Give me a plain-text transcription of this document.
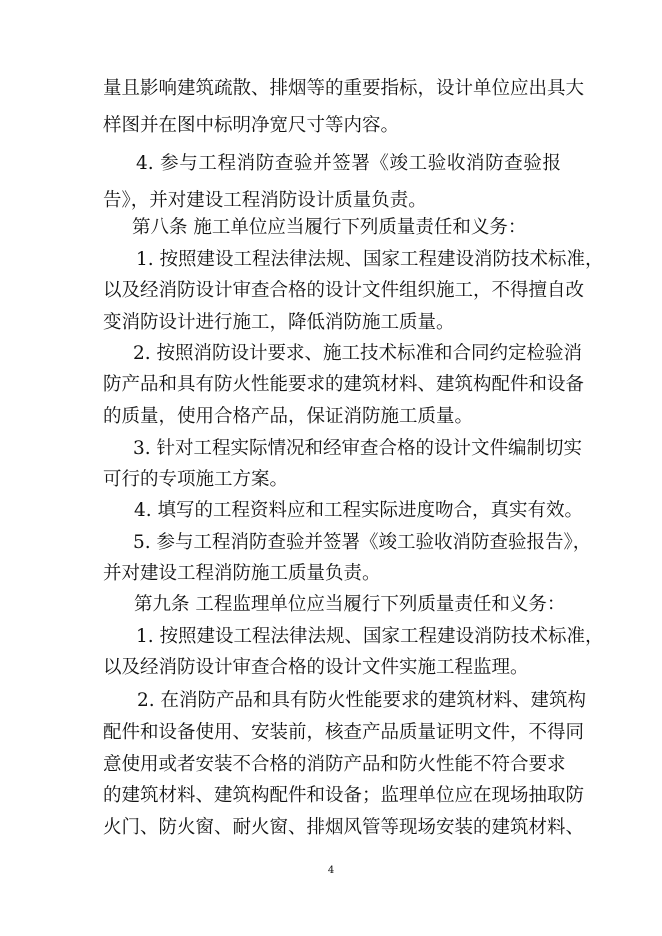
量且影响建筑疏散、排烟等的重要指标，设计单位应出具大
样图并在图中标明净宽尺寸等内容。
4. 参与工程消防查验并签署《竣工验收消防查验报
告》，并对建设工程消防设计质量负责。
第八条 施工单位应当履行下列质量责任和义务：
1. 按照建设工程法律法规、国家工程建设消防技术标准，
以及经消防设计审查合格的设计文件组织施工，不得擅自改
变消防设计进行施工，降低消防施工质量。
2. 按照消防设计要求、施工技术标准和合同约定检验消
防产品和具有防火性能要求的建筑材料、建筑构配件和设备
的质量，使用合格产品，保证消防施工质量。
3. 针对工程实际情况和经审查合格的设计文件编制切实
可行的专项施工方案。
4. 填写的工程资料应和工程实际进度吻合，真实有效。
5. 参与工程消防查验并签署《竣工验收消防查验报告》，
并对建设工程消防施工质量负责。
第九条 工程监理单位应当履行下列质量责任和义务：
1. 按照建设工程法律法规、国家工程建设消防技术标准，
以及经消防设计审查合格的设计文件实施工程监理。
2. 在消防产品和具有防火性能要求的建筑材料、建筑构
配件和设备使用、安装前，核查产品质量证明文件，不得同
意使用或者安装不合格的消防产品和防火性能不符合要求
的建筑材料、建筑构配件和设备；监理单位应在现场抽取防
火门、防火窗、耐火窗、排烟风管等现场安装的建筑材料、
4
